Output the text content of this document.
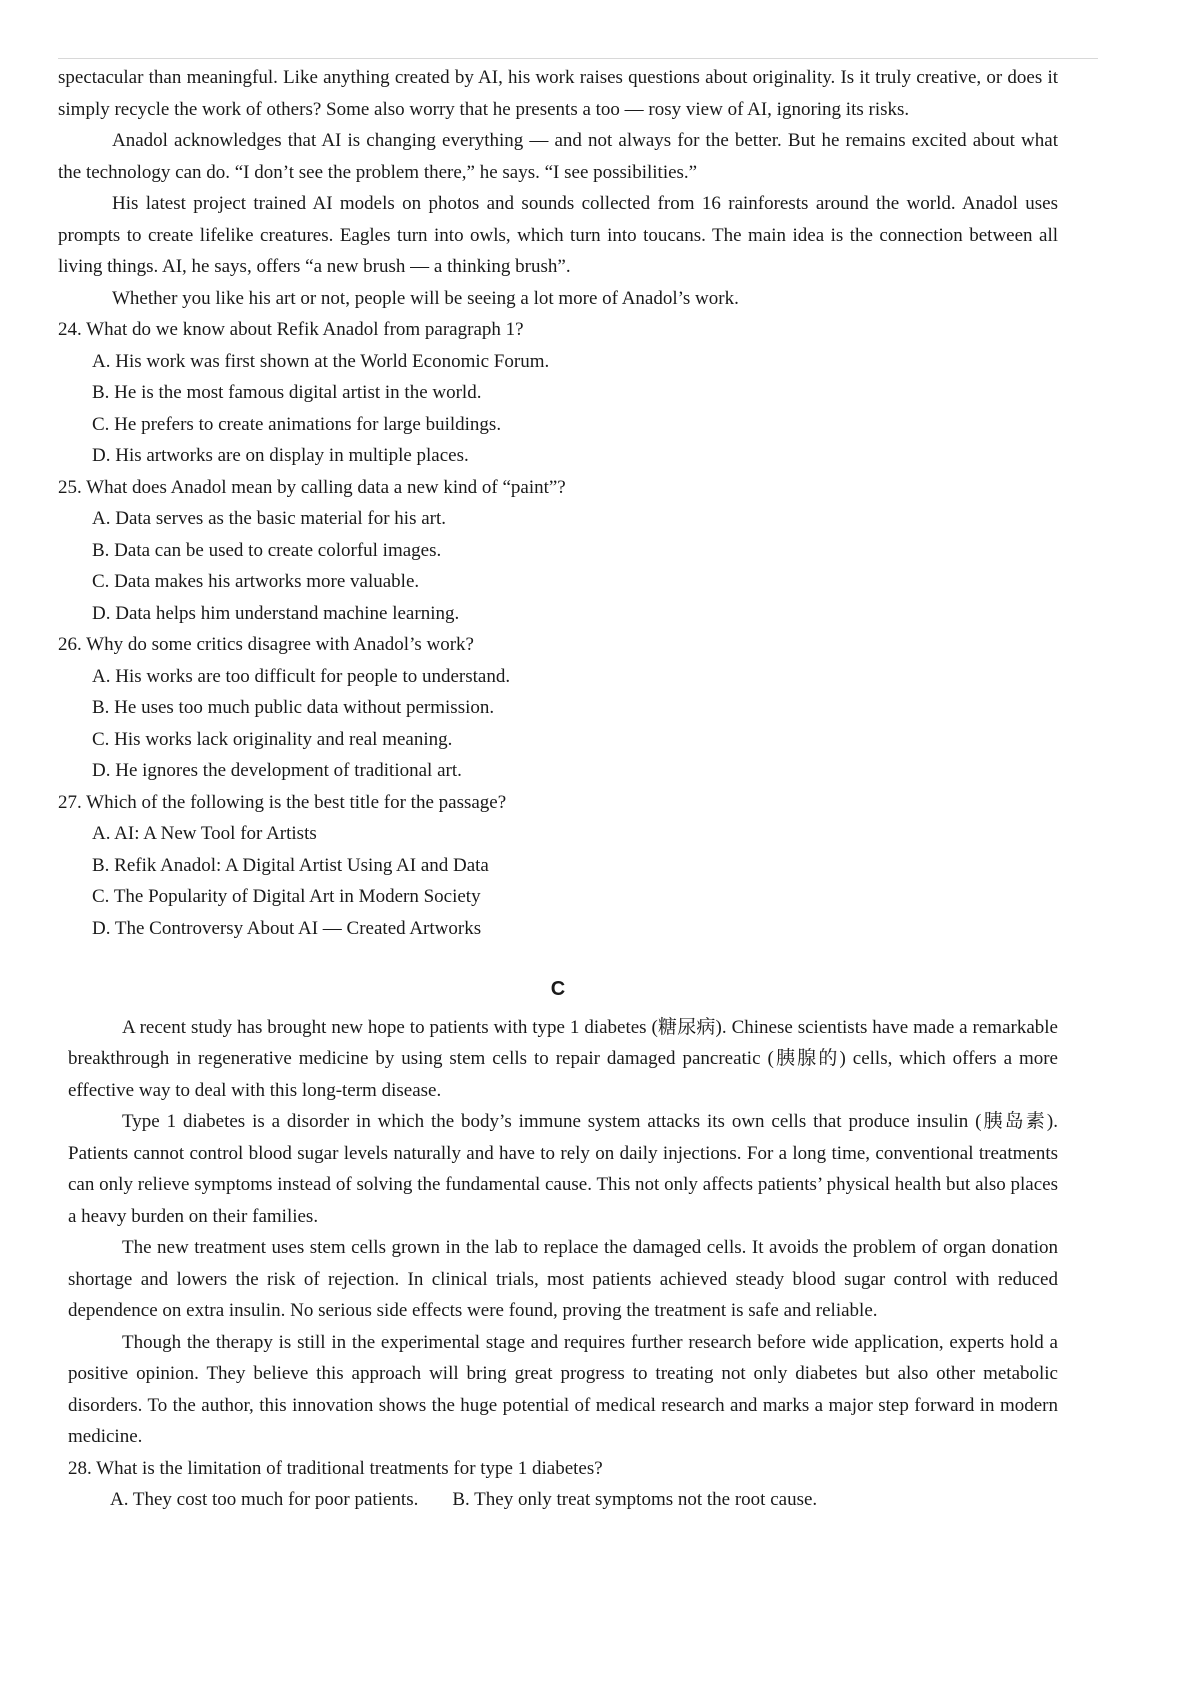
spectacular than meaningful. Like anything created by AI, his work raises questions about originality. Is it truly creative, or does it simply recycle the work of others? Some also worry that he presents a too — rosy view of AI, ignoring its risks.

Anadol acknowledges that AI is changing everything — and not always for the better. But he remains excited about what the technology can do. “I don’t see the problem there,” he says. “I see possibilities.”

His latest project trained AI models on photos and sounds collected from 16 rainforests around the world. Anadol uses prompts to create lifelike creatures. Eagles turn into owls, which turn into toucans. The main idea is the connection between all living things. AI, he says, offers “a new brush — a thinking brush”.

Whether you like his art or not, people will be seeing a lot more of Anadol’s work.

24. What do we know about Refik Anadol from paragraph 1?

A. His work was first shown at the World Economic Forum.

B. He is the most famous digital artist in the world.

C. He prefers to create animations for large buildings.

D. His artworks are on display in multiple places.

25. What does Anadol mean by calling data a new kind of “paint”?

A. Data serves as the basic material for his art.

B. Data can be used to create colorful images.

C. Data makes his artworks more valuable.

D. Data helps him understand machine learning.

26. Why do some critics disagree with Anadol’s work?

A. His works are too difficult for people to understand.

B. He uses too much public data without permission.

C. His works lack originality and real meaning.

D. He ignores the development of traditional art.

27. Which of the following is the best title for the passage?

A. AI: A New Tool for Artists

B. Refik Anadol: A Digital Artist Using AI and Data

C. The Popularity of Digital Art in Modern Society

D. The Controversy About AI — Created Artworks

C

A recent study has brought new hope to patients with type 1 diabetes (糖尿病). Chinese scientists have made a remarkable breakthrough in regenerative medicine by using stem cells to repair damaged pancreatic (胰腺的) cells, which offers a more effective way to deal with this long-term disease.

Type 1 diabetes is a disorder in which the body’s immune system attacks its own cells that produce insulin (胰岛素). Patients cannot control blood sugar levels naturally and have to rely on daily injections. For a long time, conventional treatments can only relieve symptoms instead of solving the fundamental cause. This not only affects patients’ physical health but also places a heavy burden on their families.

The new treatment uses stem cells grown in the lab to replace the damaged cells. It avoids the problem of organ donation shortage and lowers the risk of rejection. In clinical trials, most patients achieved steady blood sugar control with reduced dependence on extra insulin. No serious side effects were found, proving the treatment is safe and reliable.

Though the therapy is still in the experimental stage and requires further research before wide application, experts hold a positive opinion. They believe this approach will bring great progress to treating not only diabetes but also other metabolic disorders. To the author, this innovation shows the huge potential of medical research and marks a major step forward in modern medicine.

28. What is the limitation of traditional treatments for type 1 diabetes?

A. They cost too much for poor patients. B. They only treat symptoms not the root cause.
